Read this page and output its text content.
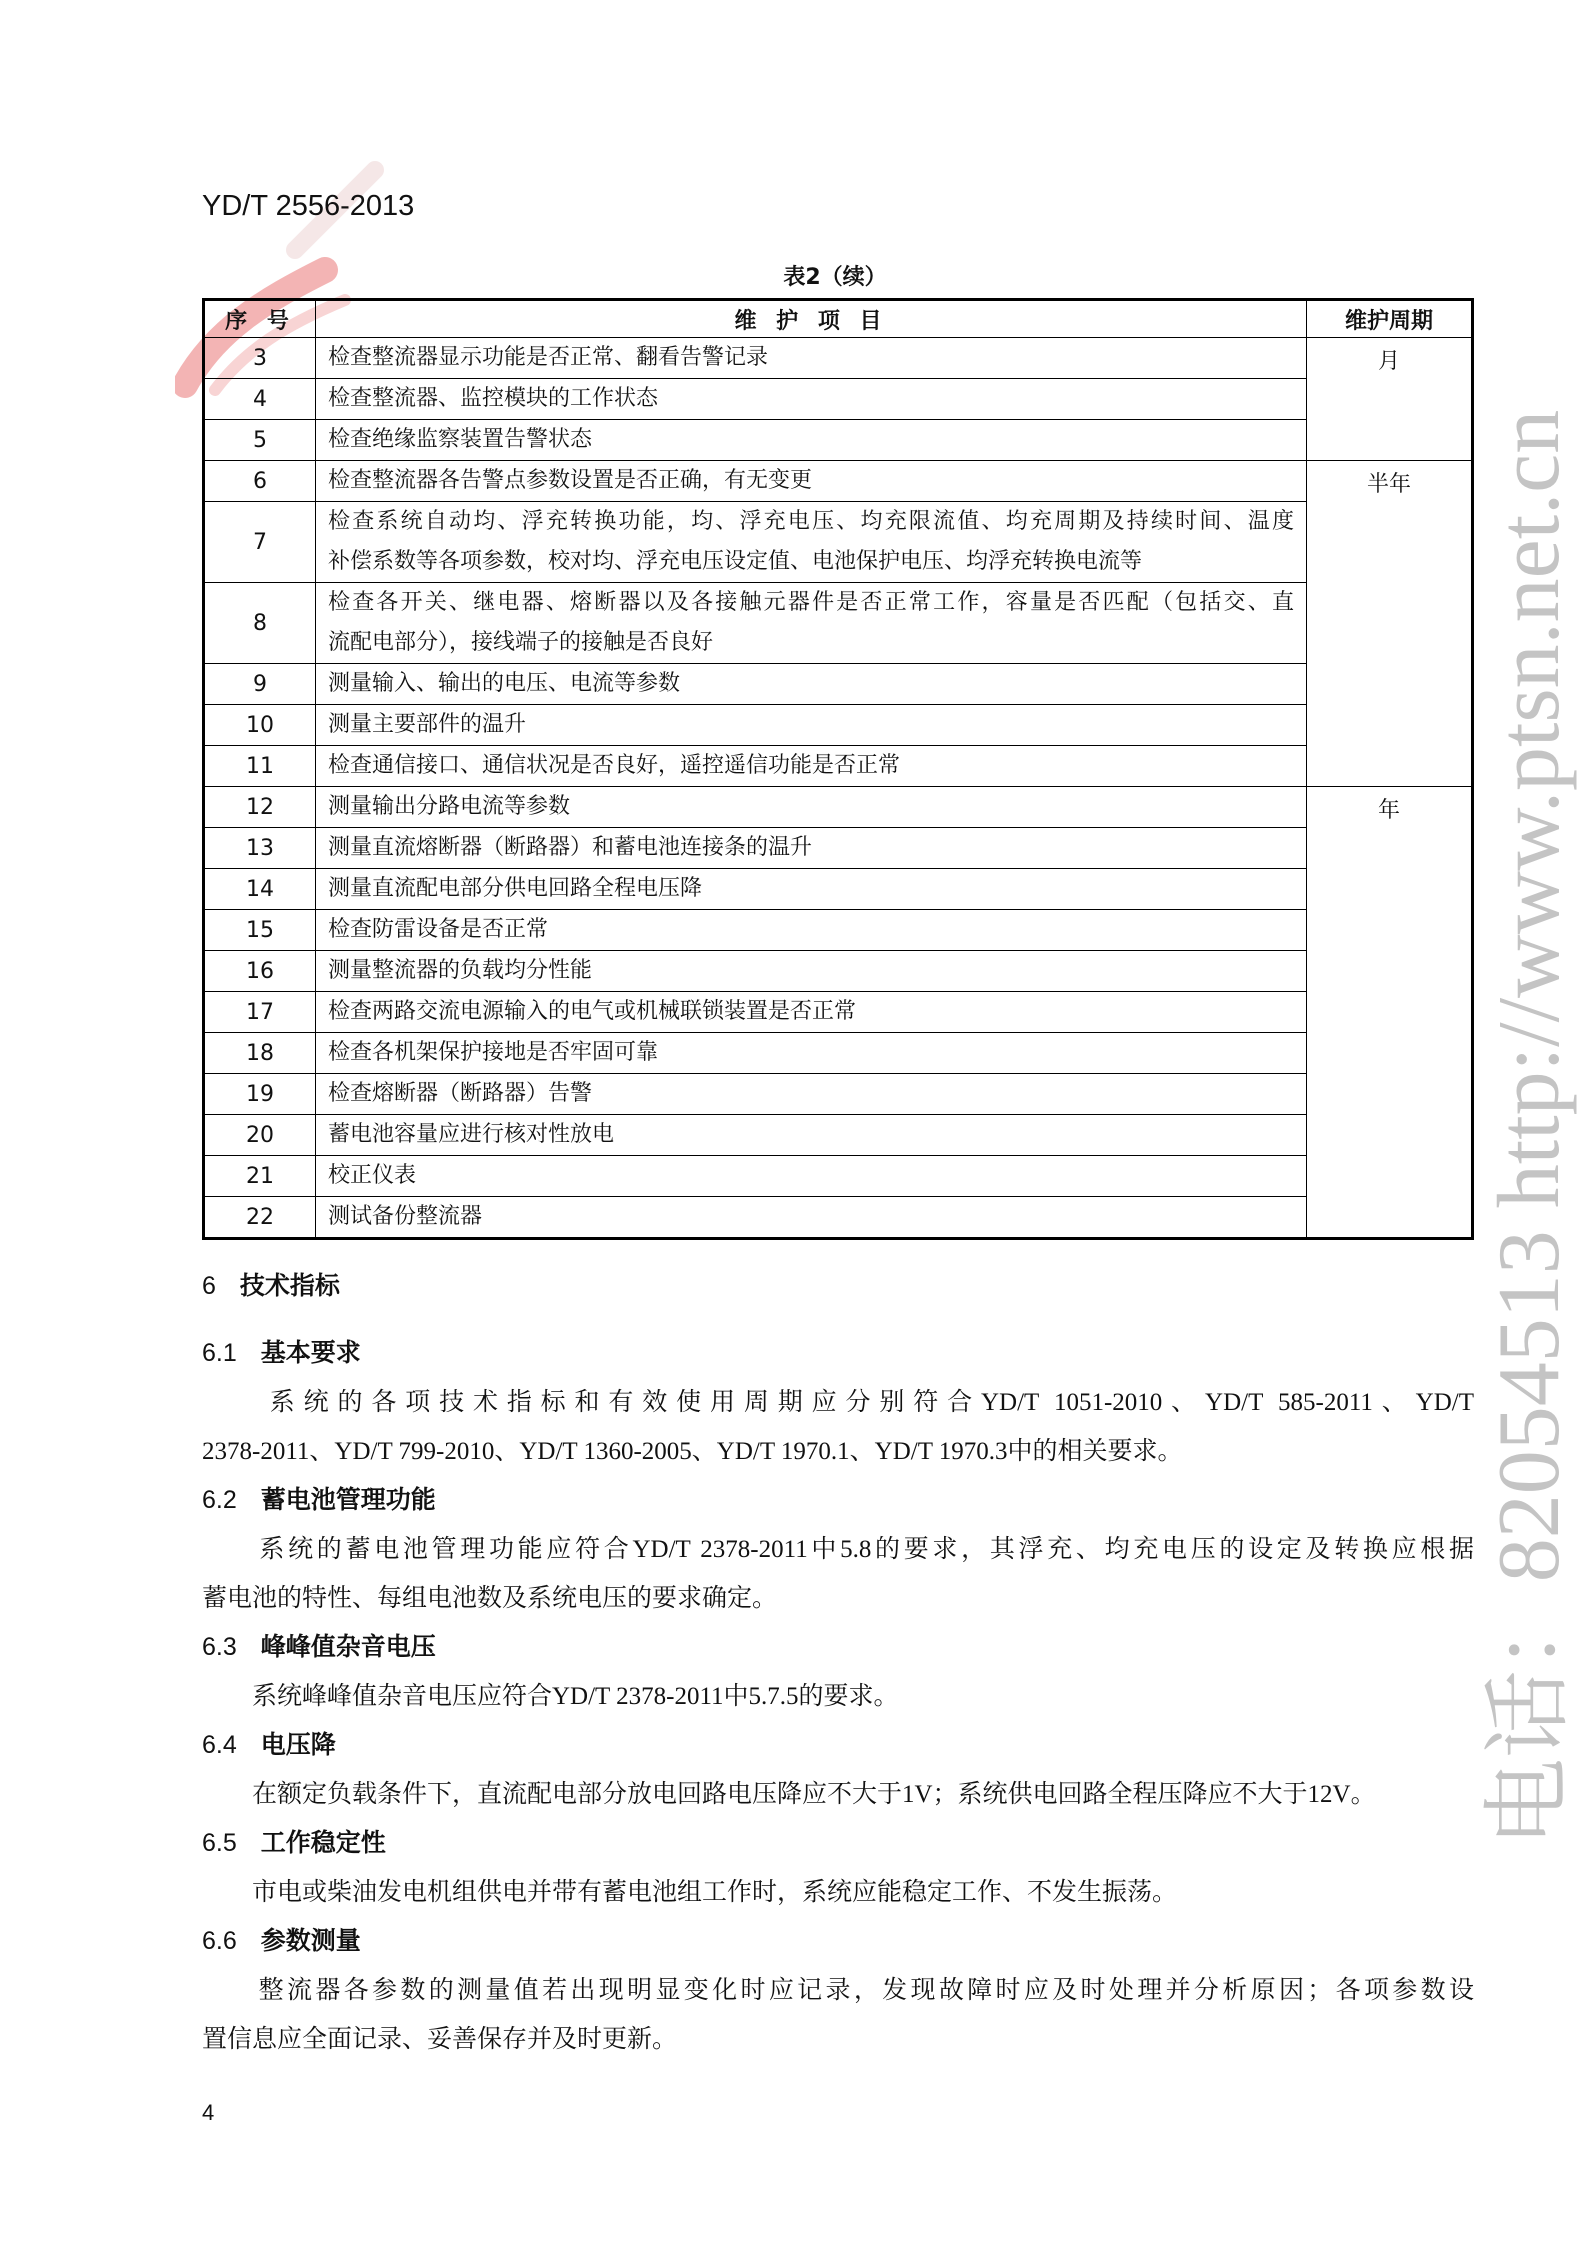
YD/T 2556-2013
表2（续）
序 号	维 护 项 目	维护周期
3	检查整流器显示功能是否正常、翻看告警记录	月
4	检查整流器、监控模块的工作状态	

5	检查绝缘监察装置告警状态	

6	检查整流器各告警点参数设置是否正确，有无变更	半年
7	检查系统自动均、浮充转换功能，均、浮充电压、均充限流值、均充周期及持续时间、温度
补偿系数等各项参数，校对均、浮充电压设定值、电池保护电压、均浮充转换电流等	

8	检查各开关、继电器、熔断器以及各接触元器件是否正常工作，容量是否匹配（包括交、直
流配电部分），接线端子的接触是否良好	

9	测量输入、输出的电压、电流等参数	

10	测量主要部件的温升	

11	检查通信接口、通信状况是否良好，遥控遥信功能是否正常	

12	测量输出分路电流等参数	年
13	测量直流熔断器（断路器）和蓄电池连接条的温升	

14	测量直流配电部分供电回路全程电压降	

15	检查防雷设备是否正常	

16	测量整流器的负载均分性能	

17	检查两路交流电源输入的电气或机械联锁装置是否正常	

18	检查各机架保护接地是否牢固可靠	

19	检查熔断器（断路器）告警	

20	蓄电池容量应进行核对性放电	

21	校正仪表	

22	测试备份整流器	
6 技术指标
6.1 基本要求
　　系统的各项技术指标和有效使用周期应分别符合YD/T 1051-2010、YD/T 585-2011、YD/T
2378-2011、YD/T 799-2010、YD/T 1360-2005、YD/T 1970.1、YD/T 1970.3中的相关要求。
6.2 蓄电池管理功能
　　系统的蓄电池管理功能应符合YD/T 2378-2011中5.8的要求，其浮充、均充电压的设定及转换应根据
蓄电池的特性、每组电池数及系统电压的要求确定。
6.3 峰峰值杂音电压
　　系统峰峰值杂音电压应符合YD/T 2378-2011中5.7.5的要求。
6.4 电压降
　　在额定负载条件下，直流配电部分放电回路电压降应不大于1V；系统供电回路全程压降应不大于12V。
6.5 工作稳定性
　　市电或柴油发电机组供电并带有蓄电池组工作时，系统应能稳定工作、不发生振荡。
6.6 参数测量
　　整流器各参数的测量值若出现明显变化时应记录，发现故障时应及时处理并分析原因；各项参数设
置信息应全面记录、妥善保存并及时更新。
4
电话：82054513 http://www.ptsn.net.cn
